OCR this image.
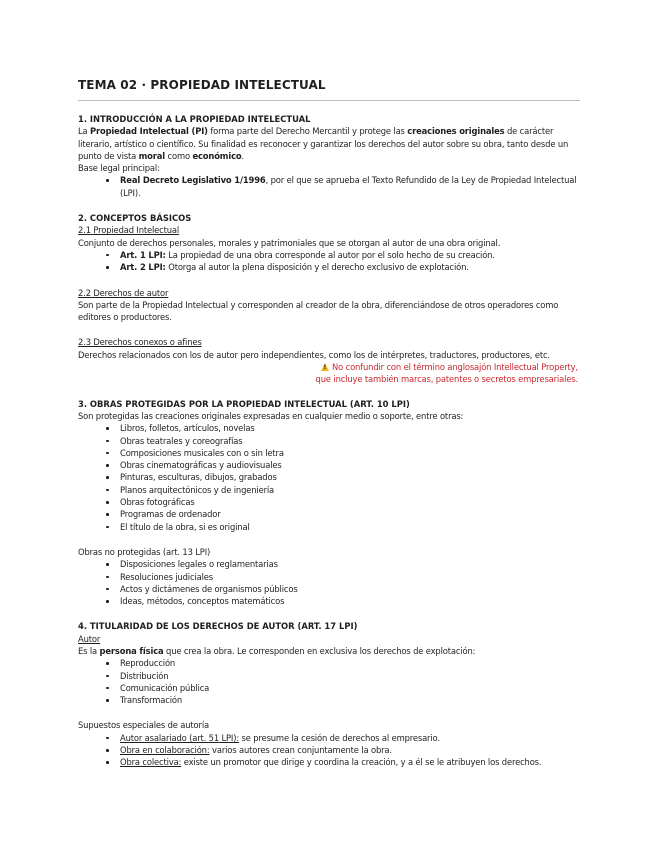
TEMA 02 · PROPIEDAD INTELECTUAL
1. INTRODUCCIÓN A LA PROPIEDAD INTELECTUAL

La Propiedad Intelectual (PI) forma parte del Derecho Mercantil y protege las creaciones originales de carácter literario, artístico o científico. Su finalidad es reconocer y garantizar los derechos del autor sobre su obra, tanto desde un punto de vista moral como económico.

Base legal principal:

Real Decreto Legislativo 1/1996, por el que se aprueba el Texto Refundido de la Ley de Propiedad Intelectual (LPI).
2. CONCEPTOS BÁSICOS

2.1 Propiedad Intelectual

Conjunto de derechos personales, morales y patrimoniales que se otorgan al autor de una obra original.

Art. 1 LPI: La propiedad de una obra corresponde al autor por el solo hecho de su creación.
Art. 2 LPI: Otorga al autor la plena disposición y el derecho exclusivo de explotación.

2.2 Derechos de autor

Son parte de la Propiedad Intelectual y corresponden al creador de la obra, diferenciándose de otros operadores como editores o productores.

2.3 Derechos conexos o afines

Derechos relacionados con los de autor pero independientes, como los de intérpretes, traductores, productores, etc.

!No confundir con el término anglosajón Intellectual Property,
que incluye también marcas, patentes o secretos empresariales.
3. OBRAS PROTEGIDAS POR LA PROPIEDAD INTELECTUAL (ART. 10 LPI)

Son protegidas las creaciones originales expresadas en cualquier medio o soporte, entre otras:

Libros, folletos, artículos, novelas
Obras teatrales y coreografías
Composiciones musicales con o sin letra
Obras cinematográficas y audiovisuales
Pinturas, esculturas, dibujos, grabados
Planos arquitectónicos y de ingeniería
Obras fotográficas
Programas de ordenador
El título de la obra, si es original

Obras no protegidas (art. 13 LPI)

Disposiciones legales o reglamentarias
Resoluciones judiciales
Actos y dictámenes de organismos públicos
Ideas, métodos, conceptos matemáticos
4. TITULARIDAD DE LOS DERECHOS DE AUTOR (ART. 17 LPI)

Autor

Es la persona física que crea la obra. Le corresponden en exclusiva los derechos de explotación:

Reproducción
Distribución
Comunicación pública
Transformación

Supuestos especiales de autoría

Autor asalariado (art. 51 LPI): se presume la cesión de derechos al empresario.
Obra en colaboración: varios autores crean conjuntamente la obra.
Obra colectiva: existe un promotor que dirige y coordina la creación, y a él se le atribuyen los derechos.
